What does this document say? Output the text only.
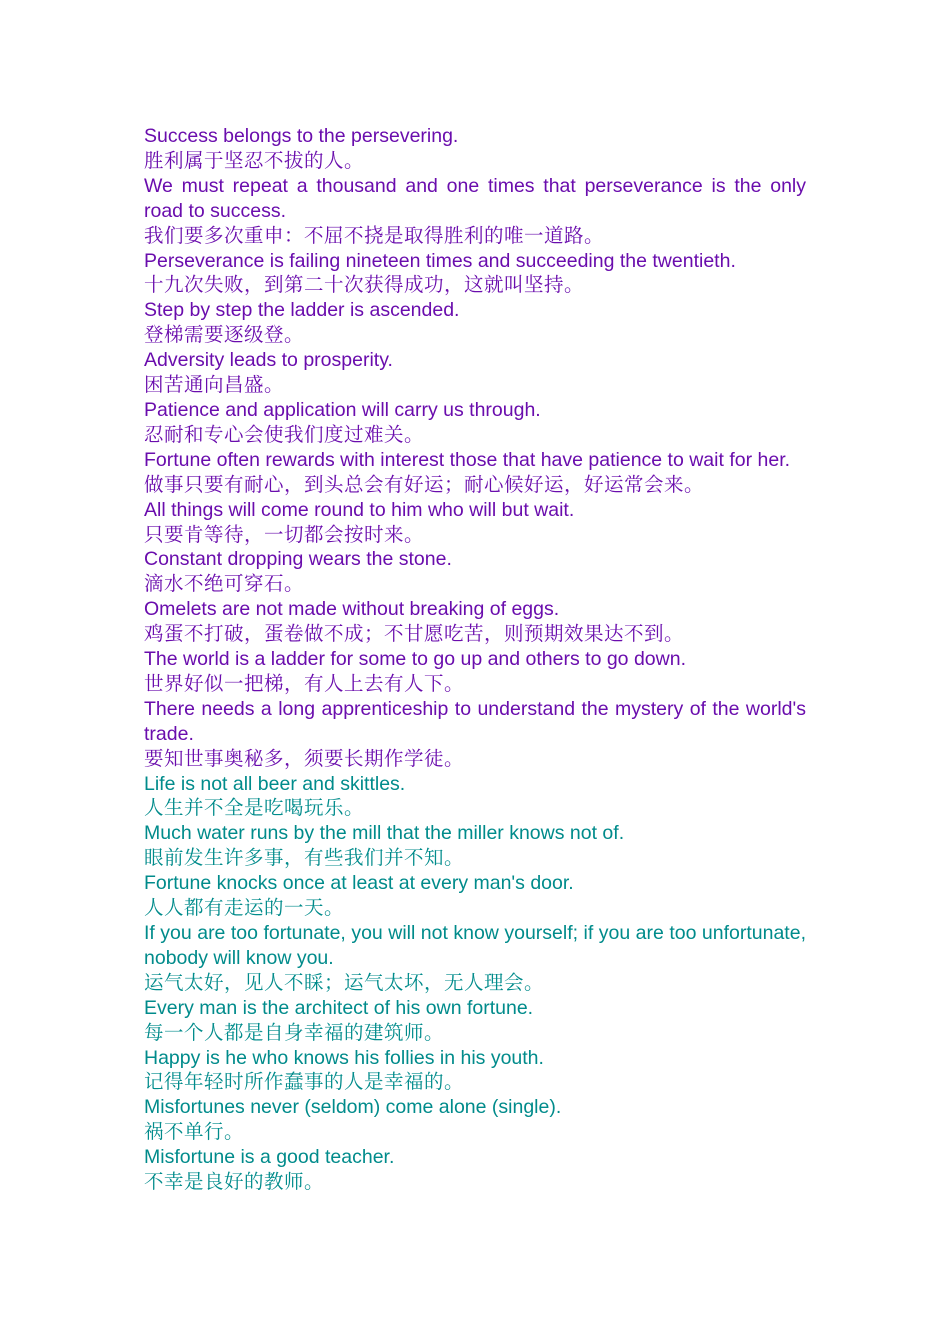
Success belongs to the persevering.

胜利属于坚忍不拔的人。

We must repeat a thousand and one times that perseverance is the only road to success.

我们要多次重申：不屈不挠是取得胜利的唯一道路。

Perseverance is failing nineteen times and succeeding the twentieth.

十九次失败，到第二十次获得成功，这就叫坚持。

Step by step the ladder is ascended.

登梯需要逐级登。

Adversity leads to prosperity.

困苦通向昌盛。

Patience and application will carry us through.

忍耐和专心会使我们度过难关。

Fortune often rewards with interest those that have patience to wait for her.

做事只要有耐心，到头总会有好运；耐心候好运，好运常会来。

All things will come round to him who will but wait.

只要肯等待，一切都会按时来。

Constant dropping wears the stone.

滴水不绝可穿石。

Omelets are not made without breaking of eggs.

鸡蛋不打破，蛋卷做不成；不甘愿吃苦，则预期效果达不到。

The world is a ladder for some to go up and others to go down.

世界好似一把梯，有人上去有人下。

There needs a long apprenticeship to understand the mystery of the world's trade.

要知世事奥秘多，须要长期作学徒。

Life is not all beer and skittles.

人生并不全是吃喝玩乐。

Much water runs by the mill that the miller knows not of.

眼前发生许多事，有些我们并不知。

Fortune knocks once at least at every man's door.

人人都有走运的一天。

If you are too fortunate, you will not know yourself; if you are too unfortunate, nobody will know you.

运气太好，见人不睬；运气太坏，无人理会。

Every man is the architect of his own fortune.

每一个人都是自身幸福的建筑师。

Happy is he who knows his follies in his youth.

记得年轻时所作蠢事的人是幸福的。

Misfortunes never (seldom) come alone (single).

祸不单行。

Misfortune is a good teacher.

不幸是良好的教师。
